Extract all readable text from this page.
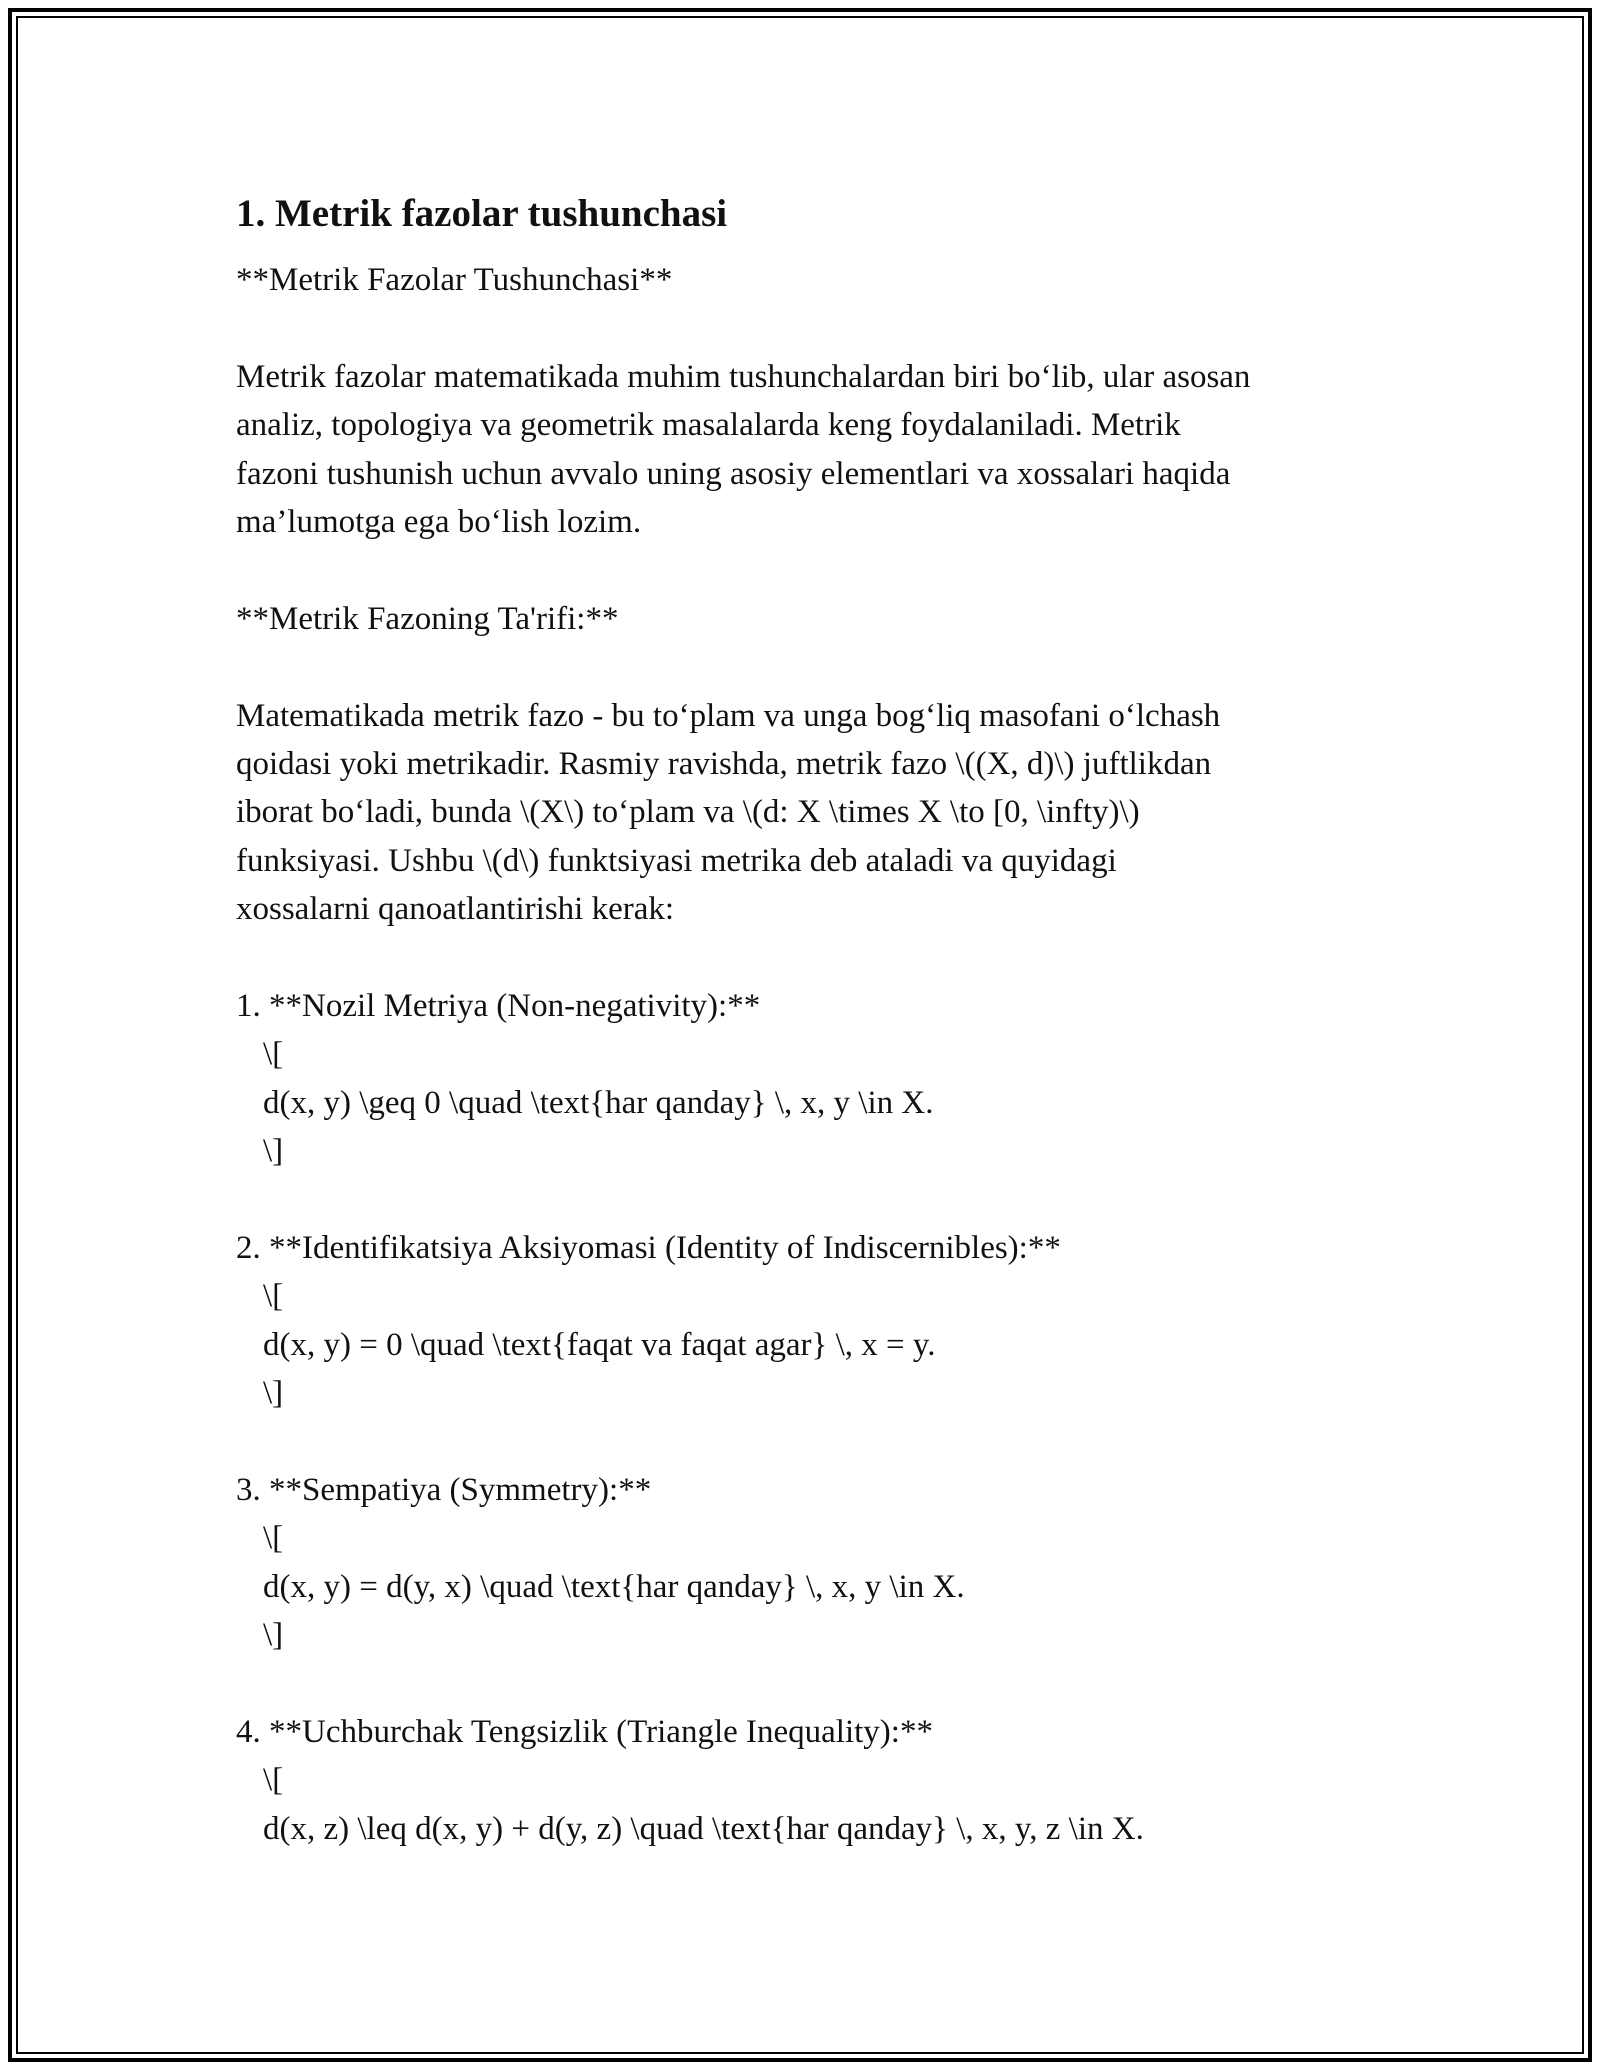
1. Metrik fazolar tushunchasi
**Metrik Fazolar Tushunchasi**
Metrik fazolar matematikada muhim tushunchalardan biri bo‘lib, ular asosan
analiz, topologiya va geometrik masalalarda keng foydalaniladi. Metrik
fazoni tushunish uchun avvalo uning asosiy elementlari va xossalari haqida
ma’lumotga ega bo‘lish lozim.
**Metrik Fazoning Ta'rifi:**
Matematikada metrik fazo - bu to‘plam va unga bog‘liq masofani o‘lchash
qoidasi yoki metrikadir. Rasmiy ravishda, metrik fazo \((X, d)\) juftlikdan
iborat bo‘ladi, bunda \(X\) to‘plam va \(d: X \times X \to [0, \infty)\)
funksiyasi. Ushbu \(d\) funktsiyasi metrika deb ataladi va quyidagi
xossalarni qanoatlantirishi kerak:
1. **Nozil Metriya (Non-negativity):**
\[
d(x, y) \geq 0 \quad \text{har qanday} \, x, y \in X.
\]
2. **Identifikatsiya Aksiyomasi (Identity of Indiscernibles):**
\[
d(x, y) = 0 \quad \text{faqat va faqat agar} \, x = y.
\]
3. **Sempatiya (Symmetry):**
\[
d(x, y) = d(y, x) \quad \text{har qanday} \, x, y \in X.
\]
4. **Uchburchak Tengsizlik (Triangle Inequality):**
\[
d(x, z) \leq d(x, y) + d(y, z) \quad \text{har qanday} \, x, y, z \in X.
